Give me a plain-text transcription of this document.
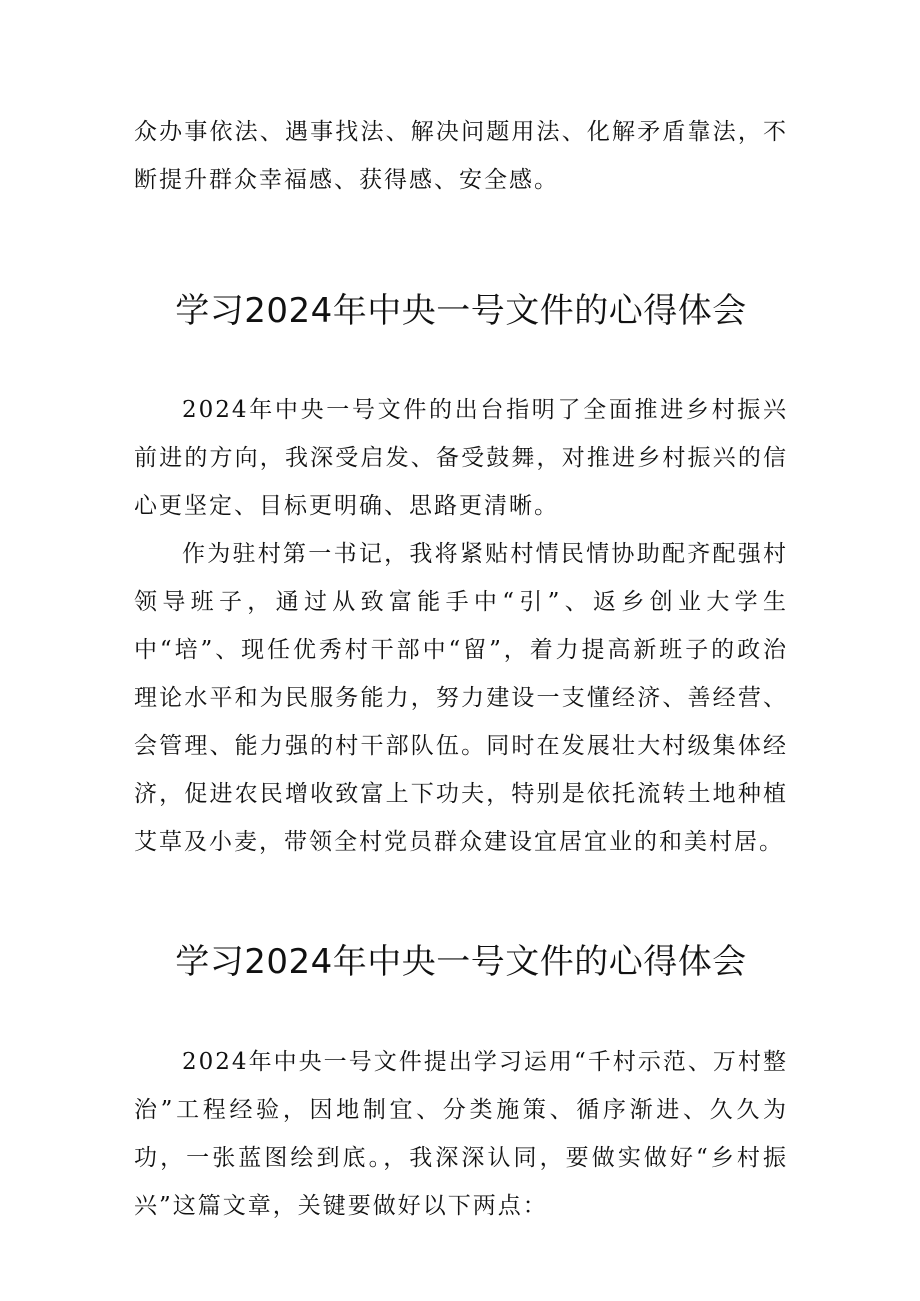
众办事依法、遇事找法、解决问题用法、化解矛盾靠法，不断提升群众幸福感、获得感、安全感。

学习2024年中央一号文件的心得体会

2024年中央一号文件的出台指明了全面推进乡村振兴前进的方向，我深受启发、备受鼓舞，对推进乡村振兴的信心更坚定、目标更明确、思路更清晰。

作为驻村第一书记，我将紧贴村情民情协助配齐配强村领导班子，通过从致富能手中“引”、返乡创业大学生中“培”、现任优秀村干部中“留”，着力提高新班子的政治理论水平和为民服务能力，努力建设一支懂经济、善经营、会管理、能力强的村干部队伍。同时在发展壮大村级集体经济，促进农民增收致富上下功夫，特别是依托流转土地种植艾草及小麦，带领全村党员群众建设宜居宜业的和美村居。

学习2024年中央一号文件的心得体会

2024年中央一号文件提出学习运用“千村示范、万村整治”工程经验，因地制宜、分类施策、循序渐进、久久为功，一张蓝图绘到底。，我深深认同，要做实做好“乡村振兴”这篇文章，关键要做好以下两点：
